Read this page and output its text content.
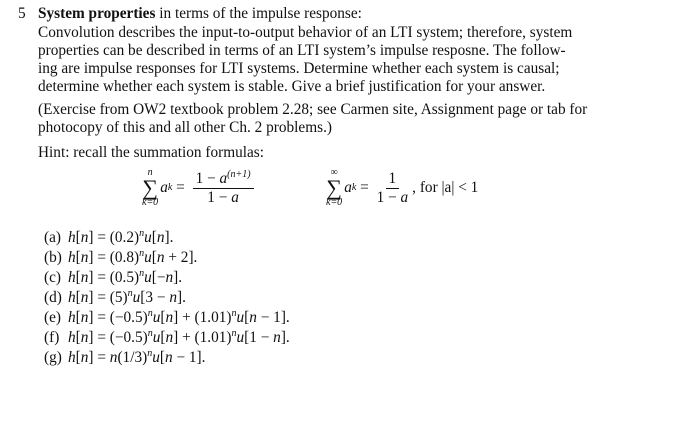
5 System properties in terms of the impulse response:
Convolution describes the input-to-output behavior of an LTI system; therefore, system
properties can be described in terms of an LTI system’s impulse resposne. The follow-
ing are impulse responses for LTI systems. Determine whether each system is causal;
determine whether each system is stable. Give a brief justification for your answer.
(Exercise from OW2 textbook problem 2.28; see Carmen site, Assignment page or tab for
photocopy of this and all other Ch. 2 problems.)
Hint: recall the summation formulas:
n
∑
k=0
a $k = \frac{1 - a^{(n+1)}}{1 - a}$	∞
∑
k=0
a $k = \frac{1}{1 - a}$ , for |a| < 1
(a) $h[n] = (0.2)^nu[n]$.
(b) $h[n] = (0.8)^nu[n + 2]$.
(c) $h[n] = (0.5)^nu[-n]$.
(d) $h[n] = (5)^nu[3 - n]$.
(e) $h[n] = (-0.5)^nu[n] + (1.01)^nu[n - 1]$.
(f) $h[n] = (-0.5)^nu[n] + (1.01)^nu[1 - n]$.
(g) $h[n] = n(1/3)^nu[n - 1]$.
